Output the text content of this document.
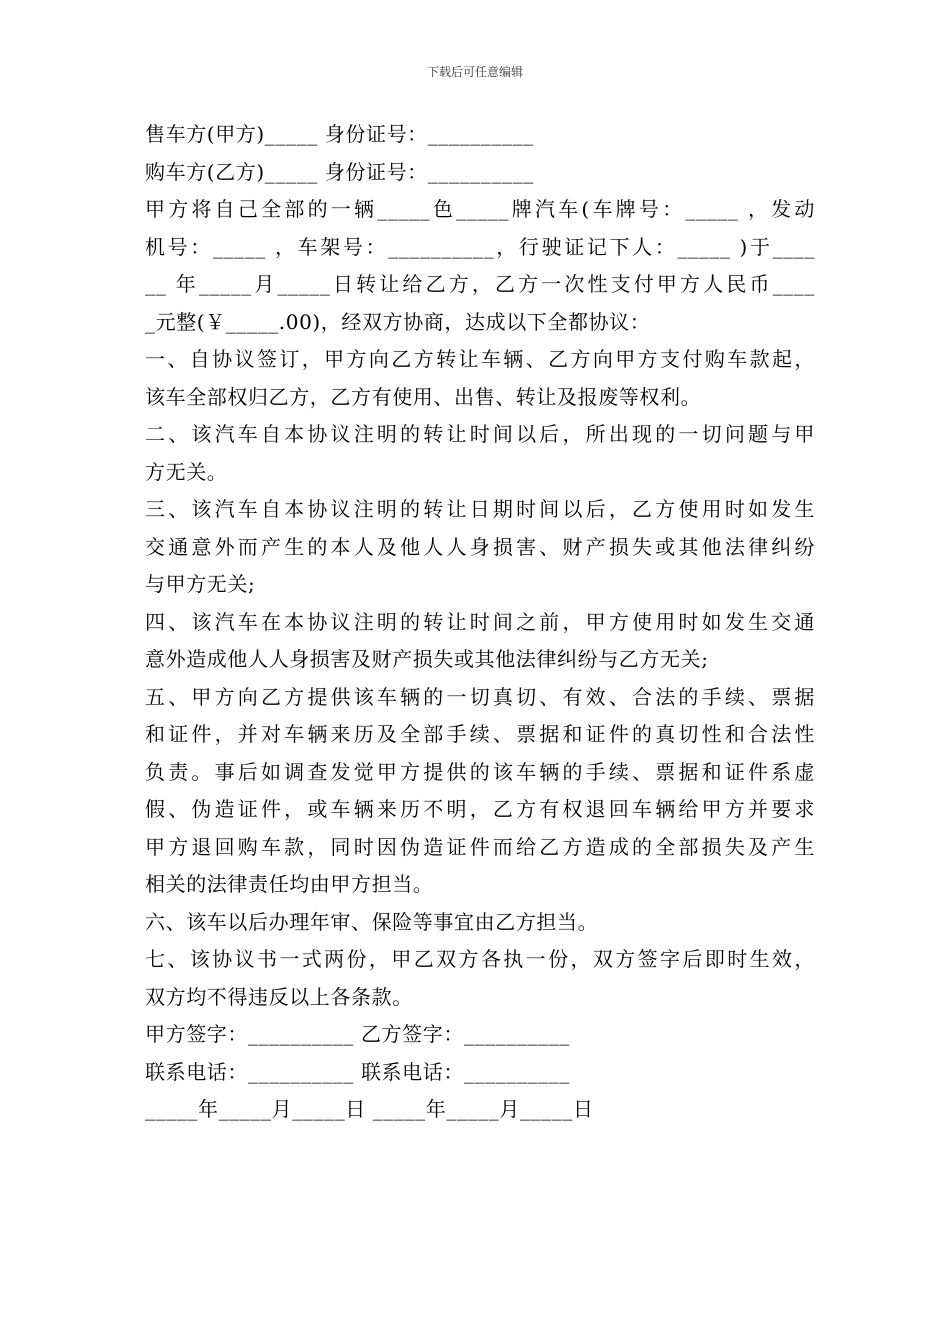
下载后可任意编辑
售车方(甲方)_____ 身份证号：__________
购车方(乙方)_____ 身份证号：__________
甲方将自己全部的一辆_____色_____牌汽车(车牌号：_____ ，发动
机号：_____ ，车架号：__________，行驶证记下人：_____ )于____
__ 年_____月_____日转让给乙方，乙方一次性支付甲方人民币____
_元整(￥_____.00)，经双方协商，达成以下全都协议：
一、自协议签订，甲方向乙方转让车辆、乙方向甲方支付购车款起，
该车全部权归乙方，乙方有使用、出售、转让及报废等权利。
二、该汽车自本协议注明的转让时间以后，所出现的一切问题与甲
方无关。
三、该汽车自本协议注明的转让日期时间以后，乙方使用时如发生
交通意外而产生的本人及他人人身损害、财产损失或其他法律纠纷
与甲方无关;
四、该汽车在本协议注明的转让时间之前，甲方使用时如发生交通
意外造成他人人身损害及财产损失或其他法律纠纷与乙方无关;
五、甲方向乙方提供该车辆的一切真切、有效、合法的手续、票据
和证件，并对车辆来历及全部手续、票据和证件的真切性和合法性
负责。事后如调查发觉甲方提供的该车辆的手续、票据和证件系虚
假、伪造证件，或车辆来历不明，乙方有权退回车辆给甲方并要求
甲方退回购车款，同时因伪造证件而给乙方造成的全部损失及产生
相关的法律责任均由甲方担当。
六、该车以后办理年审、保险等事宜由乙方担当。
七、该协议书一式两份，甲乙双方各执一份，双方签字后即时生效，
双方均不得违反以上各条款。
甲方签字：__________ 乙方签字：__________
联系电话：__________ 联系电话：__________
_____年_____月_____日 _____年_____月_____日
